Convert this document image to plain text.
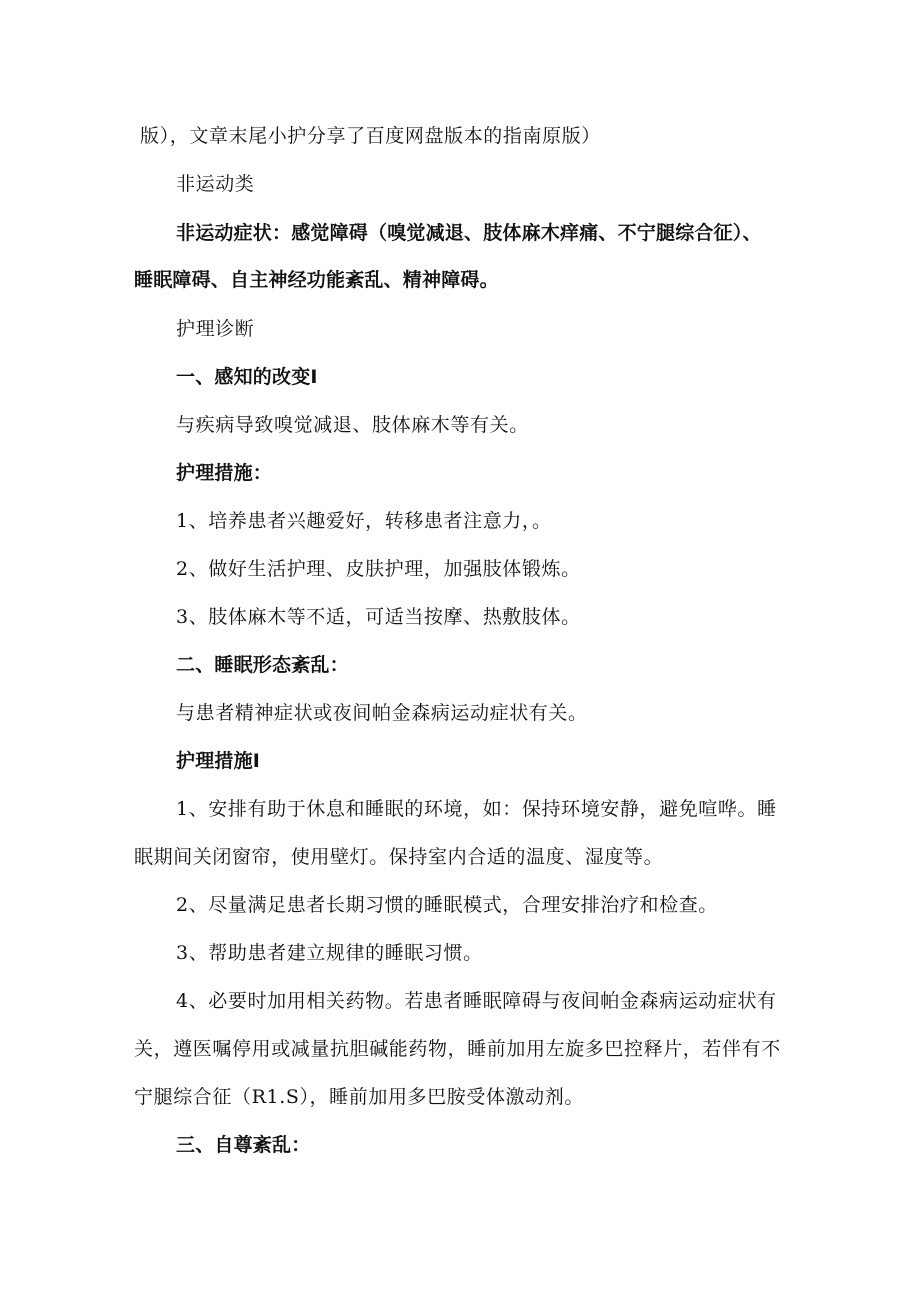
版），文章末尾小护分享了百度网盘版本的指南原版）
非运动类
非运动症状：感觉障碍（嗅觉减退、肢体麻木痒痛、不宁腿综合征）、
睡眠障碍、自主神经功能紊乱、精神障碍。
护理诊断
一、感知的改变I
与疾病导致嗅觉减退、肢体麻木等有关。
护理措施：
1、培养患者兴趣爱好，转移患者注意力，。
2、做好生活护理、皮肤护理，加强肢体锻炼。
3、肢体麻木等不适，可适当按摩、热敷肢体。
二、睡眠形态紊乱：
与患者精神症状或夜间帕金森病运动症状有关。
护理措施I
1、安排有助于休息和睡眠的环境，如：保持环境安静，避免喧哗。睡
眠期间关闭窗帘，使用壁灯。保持室内合适的温度、湿度等。
2、尽量满足患者长期习惯的睡眠模式，合理安排治疗和检查。
3、帮助患者建立规律的睡眠习惯。
4、必要时加用相关药物。若患者睡眠障碍与夜间帕金森病运动症状有
关，遵医嘱停用或减量抗胆碱能药物，睡前加用左旋多巴控释片，若伴有不
宁腿综合征（R1.S），睡前加用多巴胺受体激动剂。
三、自尊紊乱：
